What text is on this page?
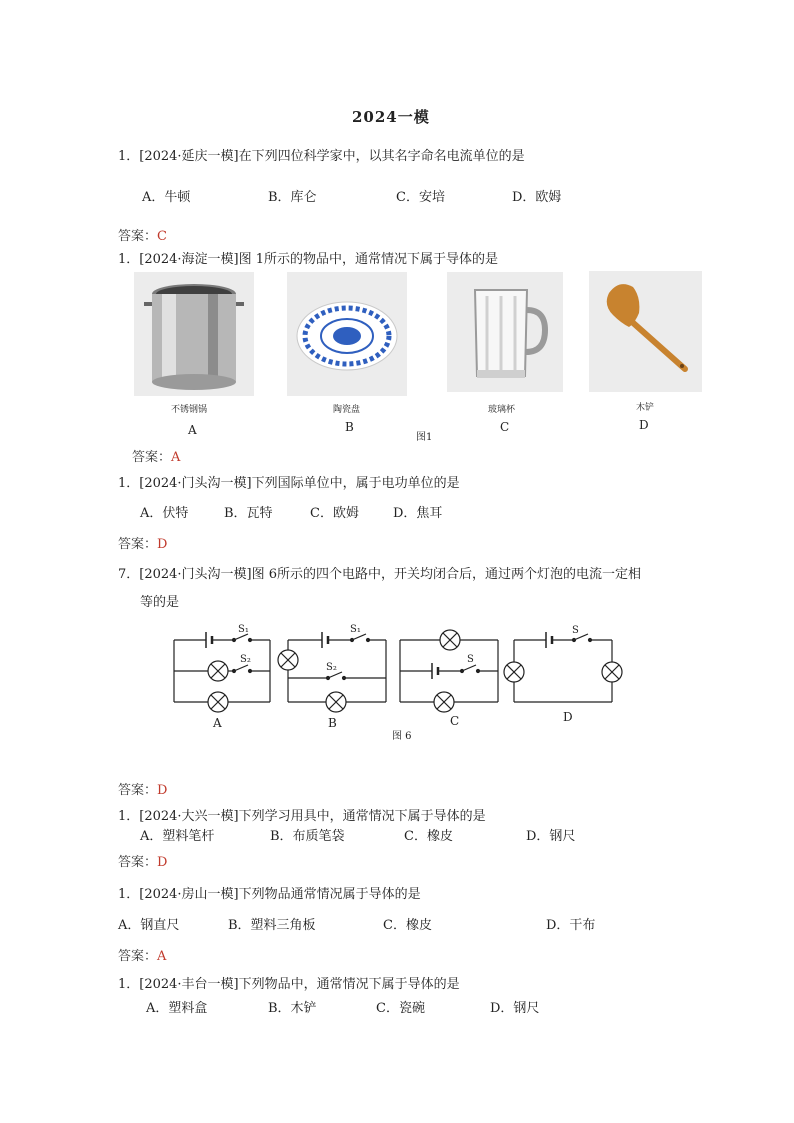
2024一模
1．[2024·延庆一模]在下列四位科学家中，以其名字命名电流单位的是
A．牛顿	B．库仑	C．安培	D．欧姆
答案：C
1．[2024·海淀一模]图 1所示的物品中，通常情况下属于导体的是
不锈钢锅	陶瓷盘	玻璃杯	木铲
A	B
图1
C	D
答案：A
1．[2024·门头沟一模]下列国际单位中，属于电功单位的是
A．伏特	B．瓦特	C．欧姆	D．焦耳
答案：D
7．[2024·门头沟一模]图 6所示的四个电路中，开关均闭合后，通过两个灯泡的电流一定相
等的是
S₁
S₂
S₁
S₂
S
S
A	B	C	D
图 6
答案：D
1．[2024·大兴一模]下列学习用具中，通常情况下属于导体的是
A．塑料笔杆	B．布质笔袋	C．橡皮	D．钢尺
答案：D
1．[2024·房山一模]下列物品通常情况属于导体的是
A．钢直尺	B．塑料三角板	C．橡皮	D．干布
答案：A
1．[2024·丰台一模]下列物品中，通常情况下属于导体的是
A．塑料盒	B．木铲	C．瓷碗	D．钢尺
